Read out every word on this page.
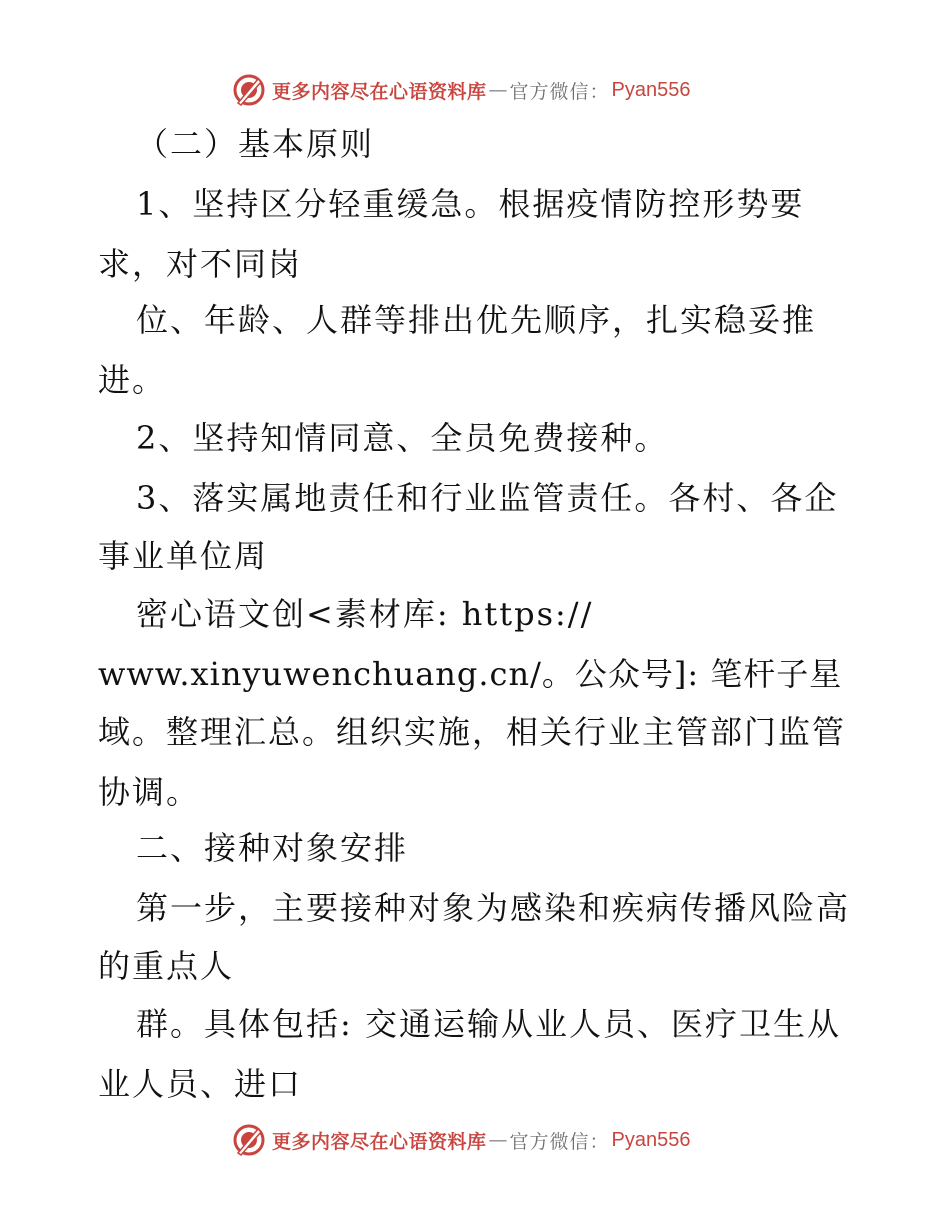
更多内容尽在心语资料库 — 官方微信： Pyan556
（二）基本原则
1、坚持区分轻重缓急。根据疫情防控形势要
求，对不同岗
位、年龄、人群等排出优先顺序，扎实稳妥推
进。
2、坚持知情同意、全员免费接种。
3、落实属地责任和行业监管责任。各村、各企
事业单位周
密心语文创<素材库: https://
www.xinyuwenchuang.cn/。公众号]: 笔杆子星
域。整理汇总。组织实施，相关行业主管部门监管
协调。
二、接种对象安排
第一步，主要接种对象为感染和疾病传播风险高
的重点人
群。具体包括: 交通运输从业人员、医疗卫生从
业人员、进口
更多内容尽在心语资料库 — 官方微信： Pyan556
